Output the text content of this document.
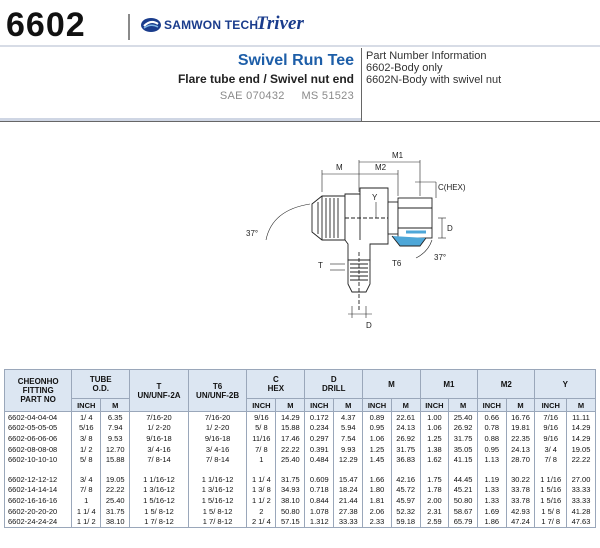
6602	SAMWON TECH
Triver
Swivel Run Tee
Flare tube end / Swivel nut end
SAE 070432 MS 51523
Part Number Information
6602-Body only
6602N-Body with swivel nut
M1
M	M2
C(HEX)
Y
D
T	T6
37°
37°
D
CHEONHO
FITTING
PART NO	TUBE
O.D.		T
UN/UNF-2A	T6
UN/UNF-2B	C
HEX		D
DRILL		M		M1		M2		Y	
	INCH	M			INCH	M	INCH	M	INCH	M	INCH	M	INCH	M	INCH	M
6602-04-04-04	1/ 4	6.35	7/16-20	7/16-20	9/16	14.29	0.172	4.37	0.89	22.61	1.00	25.40	0.66	16.76	7/16	11.11
6602-05-05-05	5/16	7.94	1/ 2-20	1/ 2-20	5/ 8	15.88	0.234	5.94	0.95	24.13	1.06	26.92	0.78	19.81	9/16	14.29
6602-06-06-06	3/ 8	9.53	9/16-18	9/16-18	11/16	17.46	0.297	7.54	1.06	26.92	1.25	31.75	0.88	22.35	9/16	14.29
6602-08-08-08	1/ 2	12.70	3/ 4-16	3/ 4-16	7/ 8	22.22	0.391	9.93	1.25	31.75	1.38	35.05	0.95	24.13	3/ 4	19.05
6602-10-10-10	5/ 8	15.88	7/ 8-14	7/ 8-14	1	25.40	0.484	12.29	1.45	36.83	1.62	41.15	1.13	28.70	7/ 8	22.22

6602-12-12-12	3/ 4	19.05	1 1/16-12	1 1/16-12	1 1/ 4	31.75	0.609	15.47	1.66	42.16	1.75	44.45	1.19	30.22	1 1/16	27.00
6602-14-14-14	7/ 8	22.22	1 3/16-12	1 3/16-12	1 3/ 8	34.93	0.718	18.24	1.80	45.72	1.78	45.21	1.33	33.78	1 5/16	33.33
6602-16-16-16	1	25.40	1 5/16-12	1 5/16-12	1 1/ 2	38.10	0.844	21.44	1.81	45.97	2.00	50.80	1.33	33.78	1 5/16	33.33
6602-20-20-20	1 1/ 4	31.75	1 5/ 8-12	1 5/ 8-12	2	50.80	1.078	27.38	2.06	52.32	2.31	58.67	1.69	42.93	1 5/ 8	41.28
6602-24-24-24	1 1/ 2	38.10	1 7/ 8-12	1 7/ 8-12	2 1/ 4	57.15	1.312	33.33	2.33	59.18	2.59	65.79	1.86	47.24	1 7/ 8	47.63
